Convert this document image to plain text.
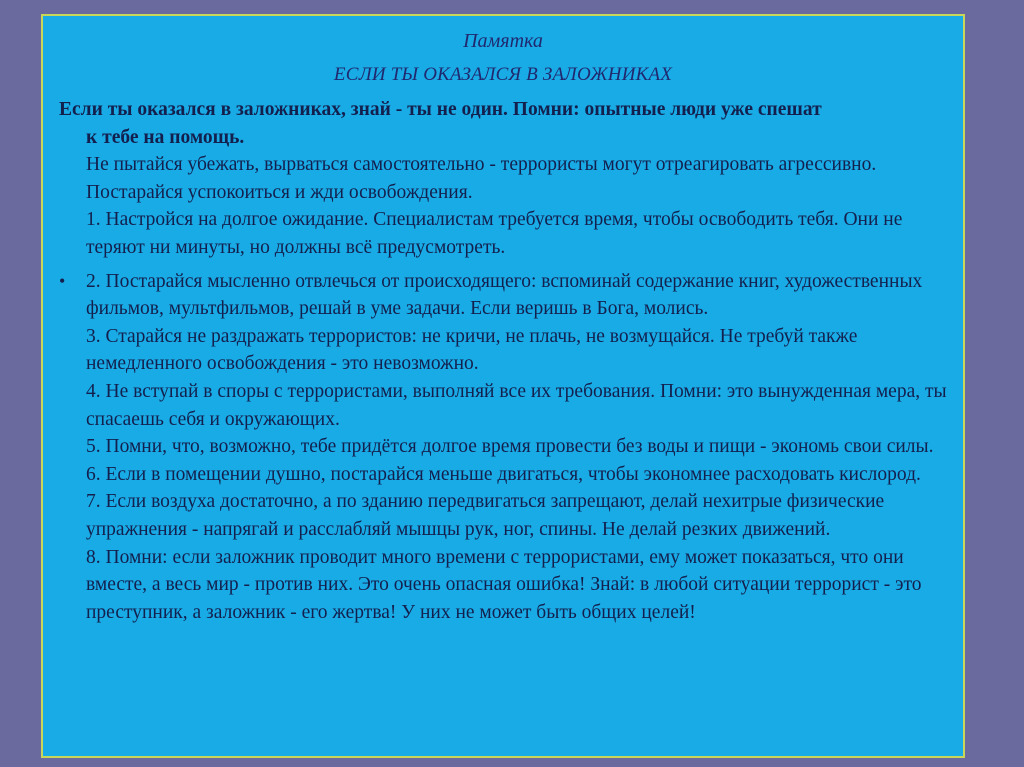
Памятка
ЕСЛИ ТЫ ОКАЗАЛСЯ В ЗАЛОЖНИКАХ

Если ты оказался в заложниках, знай - ты не один. Помни: опытные люди уже спешат
к тебе на помощь.

Не пытайся убежать, вырваться самостоятельно - террористы могут отреагировать агрессивно. Постарайся успокоиться и жди освобождения.
1. Настройся на долгое ожидание. Специалистам требуется время, чтобы освободить тебя. Они не теряют ни минуты, но должны всё предусмотреть.
•	2. Постарайся мысленно отвлечься от происходящего: вспоминай содержание книг, художественных фильмов, мультфильмов, решай в уме задачи. Если веришь в Бога, молись.
3. Старайся не раздражать террористов: не кричи, не плачь, не возмущайся. Не требуй также немедленного освобождения - это невозможно.
4. Не вступай в споры с террористами, выполняй все их требования. Помни: это вынужденная мера, ты спасаешь себя и окружающих.
5. Помни, что, возможно, тебе придётся долгое время провести без воды и пищи - экономь свои силы.
6. Если в помещении душно, постарайся меньше двигаться, чтобы экономнее расходовать кислород.
7. Если воздуха достаточно, а по зданию передвигаться запрещают, делай нехитрые физические упражнения - напрягай и расслабляй мышцы рук, ног, спины. Не делай резких движений.
8. Помни: если заложник проводит много времени с террористами, ему может показаться, что они вместе, а весь мир - против них. Это очень опасная ошибка! Знай: в любой ситуации террорист - это преступник, а заложник - его жертва! У них не может быть общих целей!
